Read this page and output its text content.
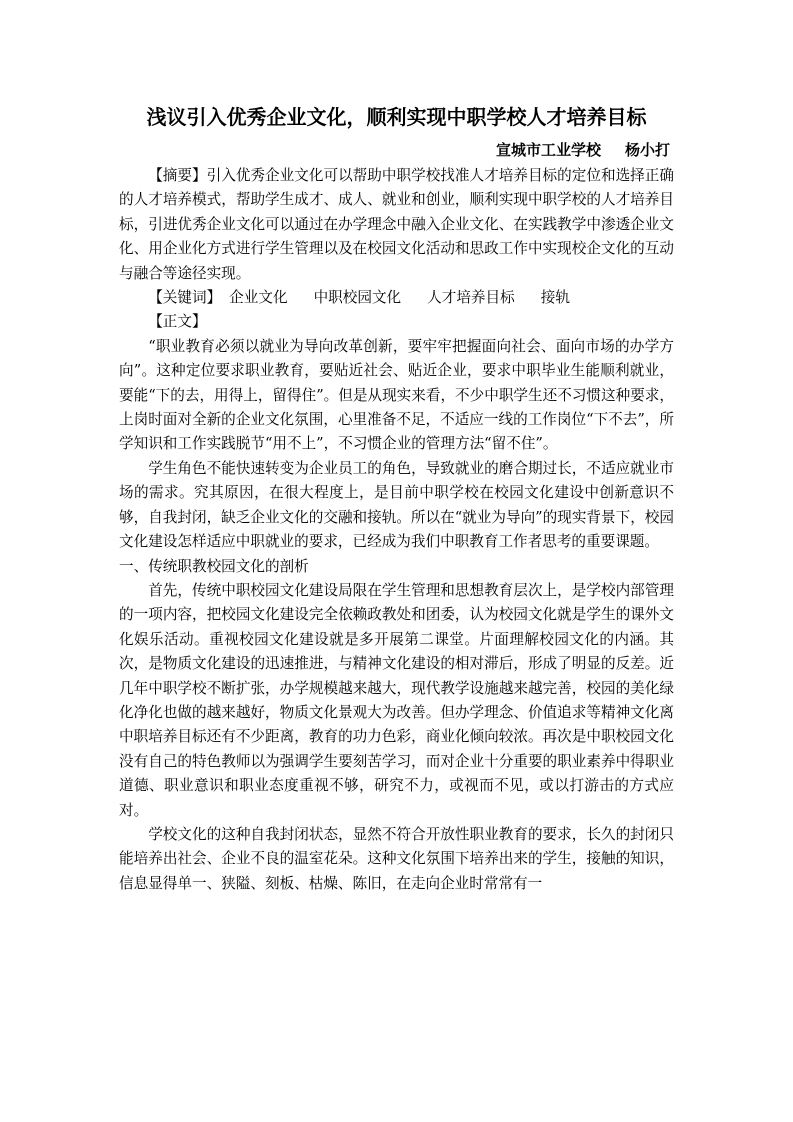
浅议引入优秀企业文化，顺利实现中职学校人才培养目标
宣城市工业学校 杨小打

【摘要】引入优秀企业文化可以帮助中职学校找准人才培养目标的定位和选择正确的人才培养模式，帮助学生成才、成人、就业和创业，顺利实现中职学校的人才培养目标，引进优秀企业文化可以通过在办学理念中融入企业文化、在实践教学中渗透企业文化、用企业化方式进行学生管理以及在校园文化活动和思政工作中实现校企文化的互动与融合等途径实现。

【关键词】 企业文化 中职校园文化 人才培养目标 接轨

【正文】

“职业教育必须以就业为导向改革创新，要牢牢把握面向社会、面向市场的办学方向”。这种定位要求职业教育，要贴近社会、贴近企业，要求中职毕业生能顺利就业，要能“下的去，用得上，留得住”。但是从现实来看，不少中职学生还不习惯这种要求，上岗时面对全新的企业文化氛围，心里准备不足，不适应一线的工作岗位“下不去”，所学知识和工作实践脱节“用不上”，不习惯企业的管理方法“留不住”。

学生角色不能快速转变为企业员工的角色，导致就业的磨合期过长，不适应就业市场的需求。究其原因，在很大程度上，是目前中职学校在校园文化建设中创新意识不够，自我封闭，缺乏企业文化的交融和接轨。所以在“就业为导向”的现实背景下，校园文化建设怎样适应中职就业的要求，已经成为我们中职教育工作者思考的重要课题。

一、传统职教校园文化的剖析

首先，传统中职校园文化建设局限在学生管理和思想教育层次上，是学校内部管理的一项内容，把校园文化建设完全依赖政教处和团委，认为校园文化就是学生的课外文化娱乐活动。重视校园文化建设就是多开展第二课堂。片面理解校园文化的内涵。其次，是物质文化建设的迅速推进，与精神文化建设的相对滞后，形成了明显的反差。近几年中职学校不断扩张，办学规模越来越大，现代教学设施越来越完善，校园的美化绿化净化也做的越来越好，物质文化景观大为改善。但办学理念、价值追求等精神文化离中职培养目标还有不少距离，教育的功力色彩，商业化倾向较浓。再次是中职校园文化没有自己的特色教师以为强调学生要刻苦学习，而对企业十分重要的职业素养中得职业道德、职业意识和职业态度重视不够，研究不力，或视而不见，或以打游击的方式应对。

学校文化的这种自我封闭状态，显然不符合开放性职业教育的要求，长久的封闭只能培养出社会、企业不良的温室花朵。这种文化氛围下培养出来的学生，接触的知识，信息显得单一、狭隘、刻板、枯燥、陈旧，在走向企业时常常有一
